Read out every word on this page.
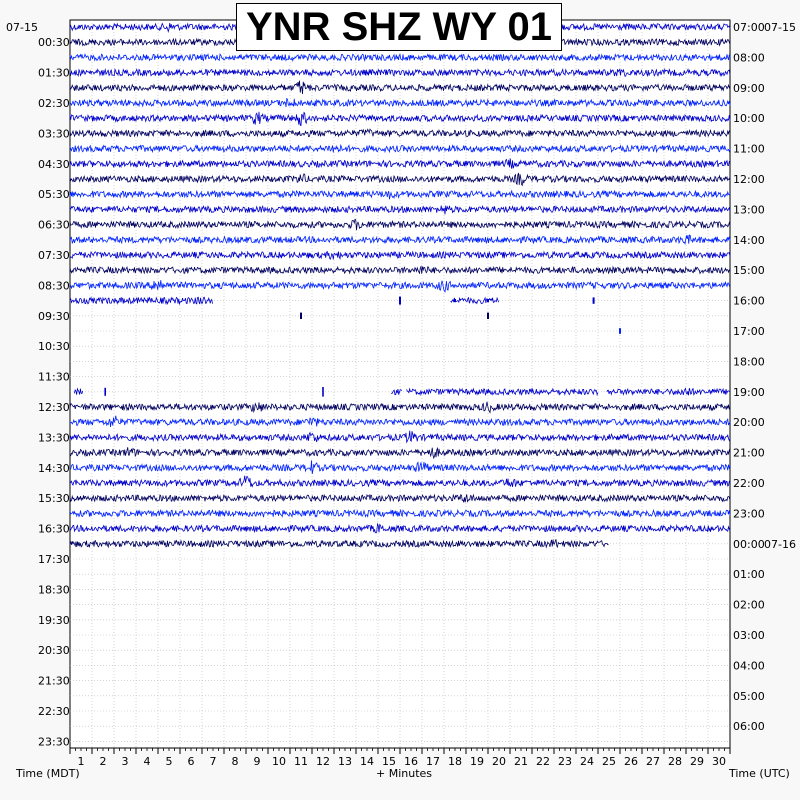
1 2 3 4 5 6 7 8 9 10 11 12 13 14 15 16 17 18 19 20 21 22 23 24 25 26 27 28 29 30
00:30
01:30
02:30
03:30
04:30
05:30
06:30
07:30
08:30
09:30
10:30
11:30
12:30
13:30
14:30
15:30
16:30
17:30
18:30
19:30
20:30
21:30
22:30
23:30
07:00
08:00
09:00
10:00
11:00
12:00
13:00
14:00
15:00
16:00
17:00
18:00
19:00
20:00
21:00
22:00
23:00
00:00 07-16
01:00
02:00
03:00
04:00
05:00
06:00
07-15	07-15
Time (MDT)	+ Minutes	Time (UTC)
YNR SHZ WY 01
